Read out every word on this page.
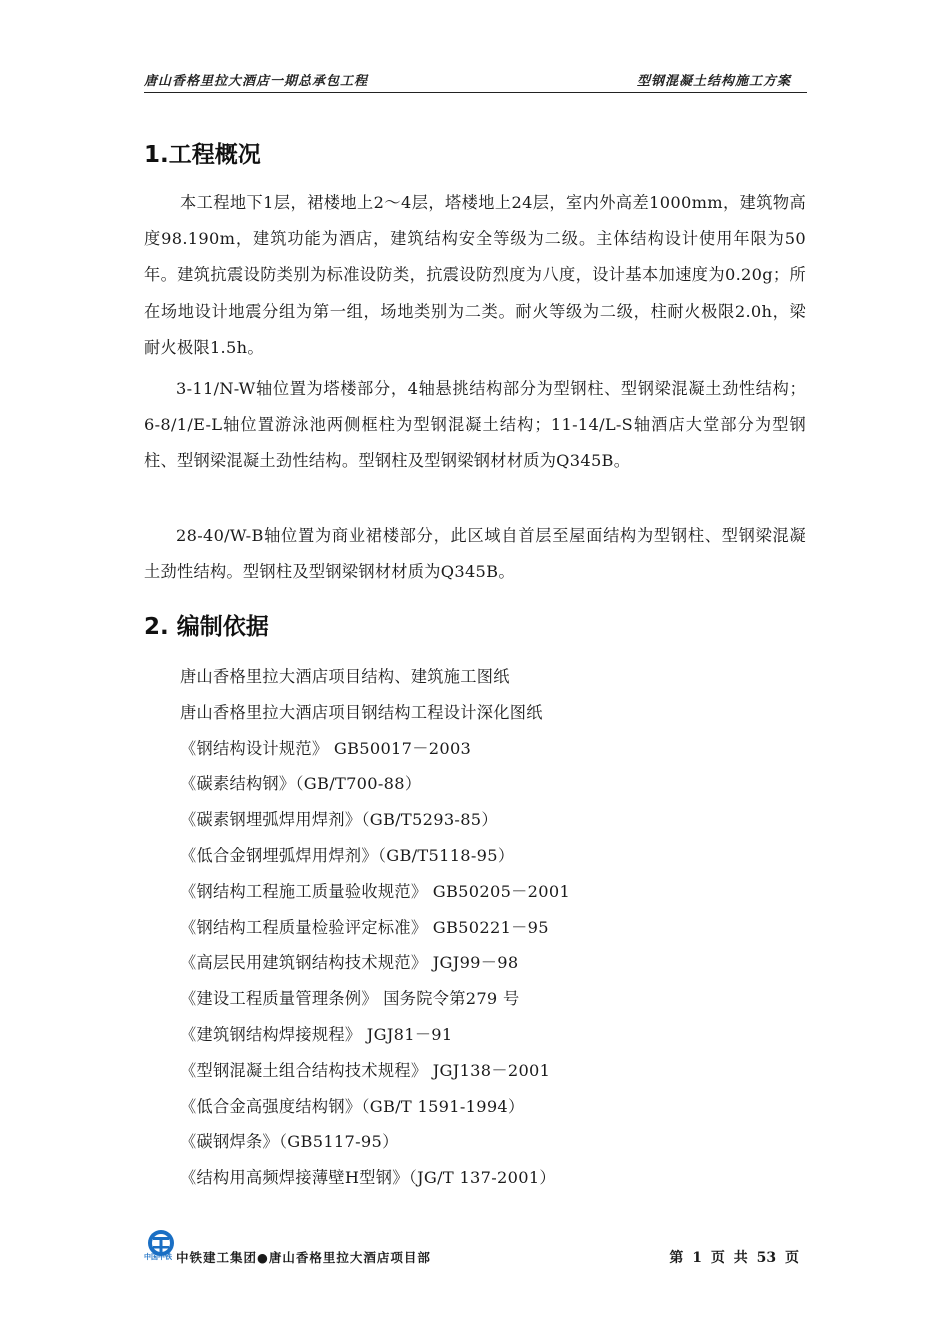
唐山香格里拉大酒店一期总承包工程	型钢混凝土结构施工方案
1.工程概况

本工程地下1层，裙楼地上2～4层，塔楼地上24层，室内外高差1000mm，建筑物高度98.190m，建筑功能为酒店，建筑结构安全等级为二级。主体结构设计使用年限为50年。建筑抗震设防类别为标准设防类，抗震设防烈度为八度，设计基本加速度为0.20g；所在场地设计地震分组为第一组，场地类别为二类。耐火等级为二级，柱耐火极限2.0h，梁耐火极限1.5h。

3-11/N-W轴位置为塔楼部分，4轴悬挑结构部分为型钢柱、型钢梁混凝土劲性结构；6-8/1/E-L轴位置游泳池两侧框柱为型钢混凝土结构；11-14/L-S轴酒店大堂部分为型钢柱、型钢梁混凝土劲性结构。型钢柱及型钢梁钢材材质为Q345B。

28-40/W-B轴位置为商业裙楼部分，此区域自首层至屋面结构为型钢柱、型钢梁混凝土劲性结构。型钢柱及型钢梁钢材材质为Q345B。

2. 编制依据
唐山香格里拉大酒店项目结构、建筑施工图纸
唐山香格里拉大酒店项目钢结构工程设计深化图纸
《钢结构设计规范》 GB50017－2003
《碳素结构钢》（GB/T700-88）
《碳素钢埋弧焊用焊剂》（GB/T5293-85）
《低合金钢埋弧焊用焊剂》（GB/T5118-95）
《钢结构工程施工质量验收规范》 GB50205－2001
《钢结构工程质量检验评定标准》 GB50221－95
《高层民用建筑钢结构技术规范》 JGJ99－98
《建设工程质量管理条例》 国务院令第279 号
《建筑钢结构焊接规程》 JGJ81－91
《型钢混凝土组合结构技术规程》 JGJ138－2001
《低合金高强度结构钢》（GB/T 1591-1994）
《碳钢焊条》（GB5117-95）
《结构用高频焊接薄壁H型钢》（JG/T 137-2001）
中国中铁 中铁建工集团●唐山香格里拉大酒店项目部	第 1 页 共 53 页
